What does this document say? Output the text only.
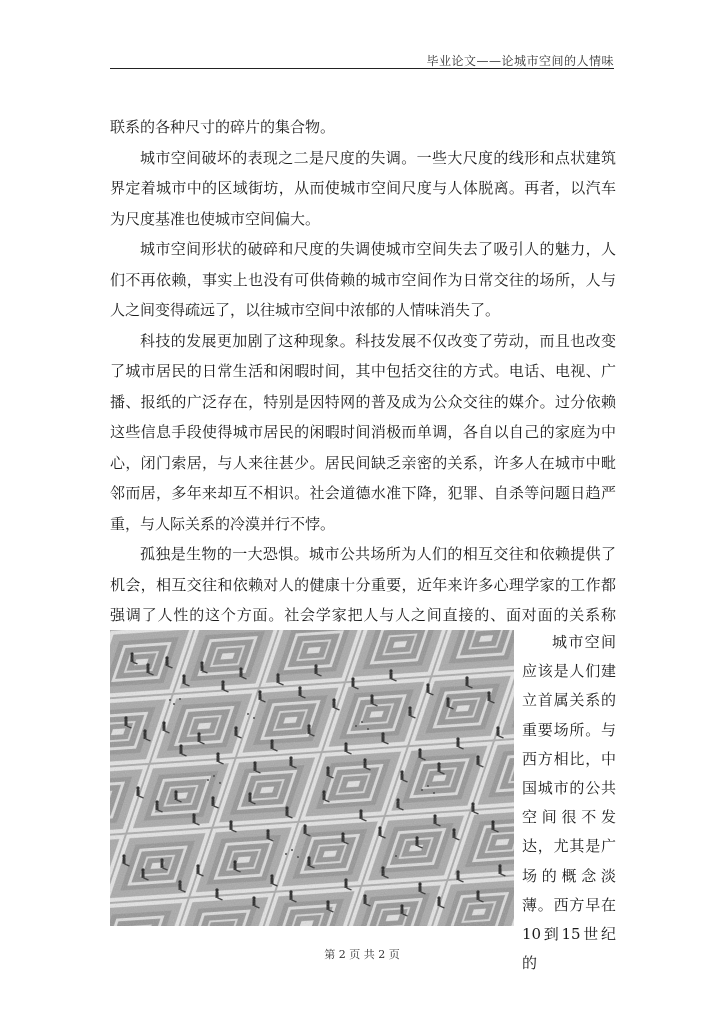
毕业论文——论城市空间的人情味

联系的各种尺寸的碎片的集合物。

城市空间破坏的表现之二是尺度的失调。一些大尺度的线形和点状建筑界定着城市中的区域街坊，从而使城市空间尺度与人体脱离。再者，以汽车为尺度基准也使城市空间偏大。

城市空间形状的破碎和尺度的失调使城市空间失去了吸引人的魅力，人们不再依赖，事实上也没有可供倚赖的城市空间作为日常交往的场所，人与人之间变得疏远了，以往城市空间中浓郁的人情味消失了。

科技的发展更加剧了这种现象。科技发展不仅改变了劳动，而且也改变了城市居民的日常生活和闲暇时间，其中包括交往的方式。电话、电视、广播、报纸的广泛存在，特别是因特网的普及成为公众交往的媒介。过分依赖这些信息手段使得城市居民的闲暇时间消极而单调，各自以自己的家庭为中心，闭门索居，与人来往甚少。居民间缺乏亲密的关系，许多人在城市中毗邻而居，多年来却互不相识。社会道德水准下降，犯罪、自杀等问题日趋严重，与人际关系的冷漠并行不悖。

孤独是生物的一大恐惧。城市公共场所为人们的相互交往和依赖提供了机会，相互交往和依赖对人的健康十分重要，近年来许多心理学家的工作都强调了人性的这个方面。社会学家把人与人之间直接的、面对面的关系称

城市空间应该是人们建立首属关系的重要场所。与西方相比，中国城市的公共空间很不发达，尤其是广场的概念淡薄。西方早在10到15世纪的

第 2 页 共 2 页
